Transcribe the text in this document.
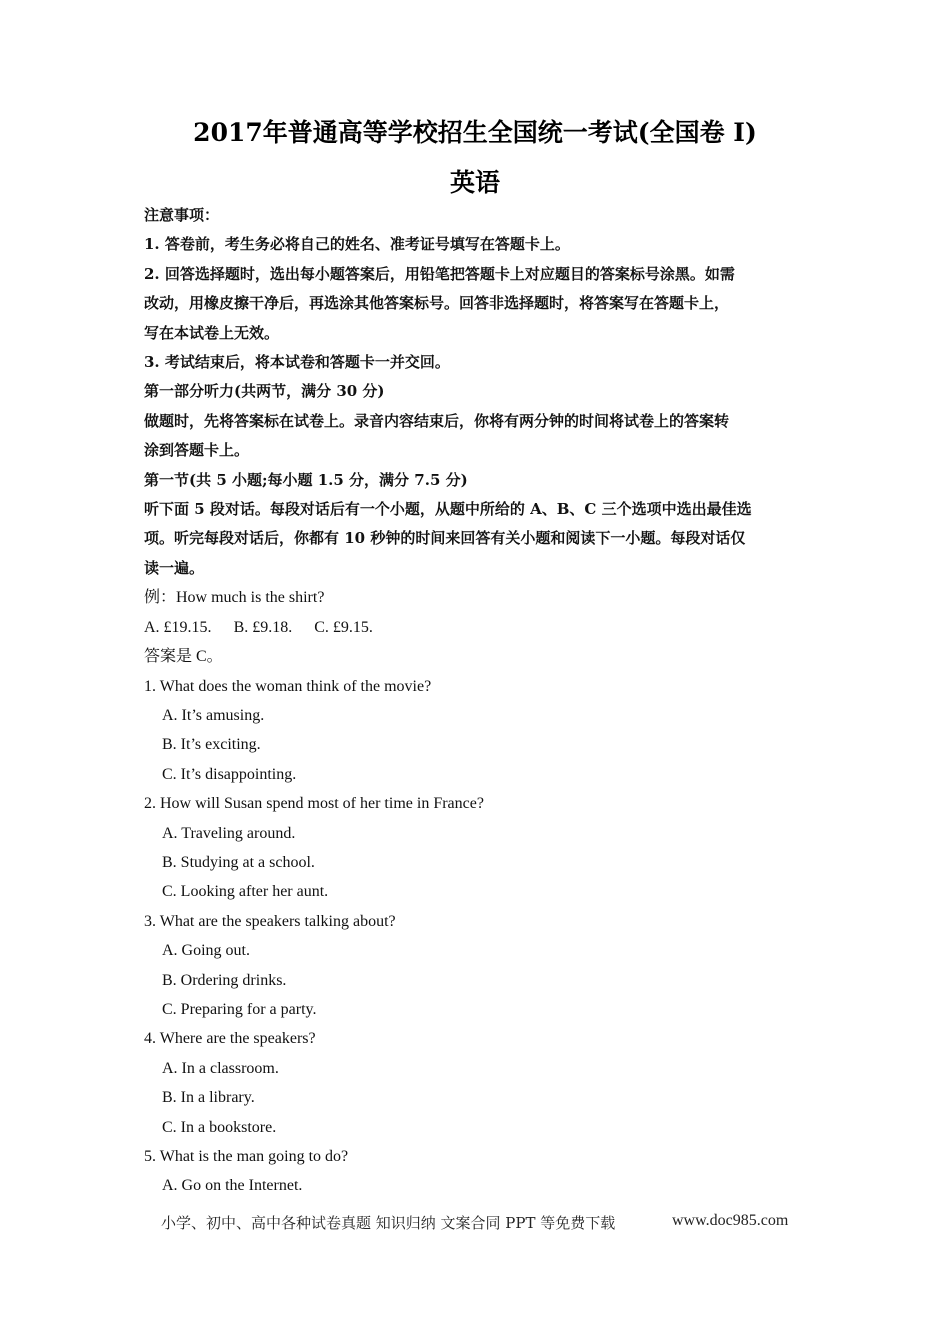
2017年普通高等学校招生全国统一考试(全国卷 I)
英语
注意事项：
1. 答卷前，考生务必将自己的姓名、准考证号填写在答题卡上。
2. 回答选择题时，选出每小题答案后，用铅笔把答题卡上对应题目的答案标号涂黑。如需
改动，用橡皮擦干净后，再选涂其他答案标号。回答非选择题时，将答案写在答题卡上，
写在本试卷上无效。
3. 考试结束后，将本试卷和答题卡一并交回。
第一部分听力(共两节，满分 30 分)
做题时，先将答案标在试卷上。录音内容结束后，你将有两分钟的时间将试卷上的答案转
涂到答题卡上。
第一节(共 5 小题;每小题 1.5 分，满分 7.5 分)
听下面 5 段对话。每段对话后有一个小题，从题中所给的 A、B、C 三个选项中选出最佳选
项。听完每段对话后，你都有 10 秒钟的时间来回答有关小题和阅读下一小题。每段对话仅
读一遍。
例：How much is the shirt?
A. £19.15. B. £9.18. C. £9.15.
答案是 C。
1. What does the woman think of the movie?
A. It’s amusing.
B. It’s exciting.
C. It’s disappointing.
2. How will Susan spend most of her time in France?
A. Traveling around.
B. Studying at a school.
C. Looking after her aunt.
3. What are the speakers talking about?
A. Going out.
B. Ordering drinks.
C. Preparing for a party.
4. Where are the speakers?
A. In a classroom.
B. In a library.
C. In a bookstore.
5. What is the man going to do?
A. Go on the Internet.
小学、初中、高中各种试卷真题 知识归纳 文案合同 PPT 等免费下载	www.doc985.com
